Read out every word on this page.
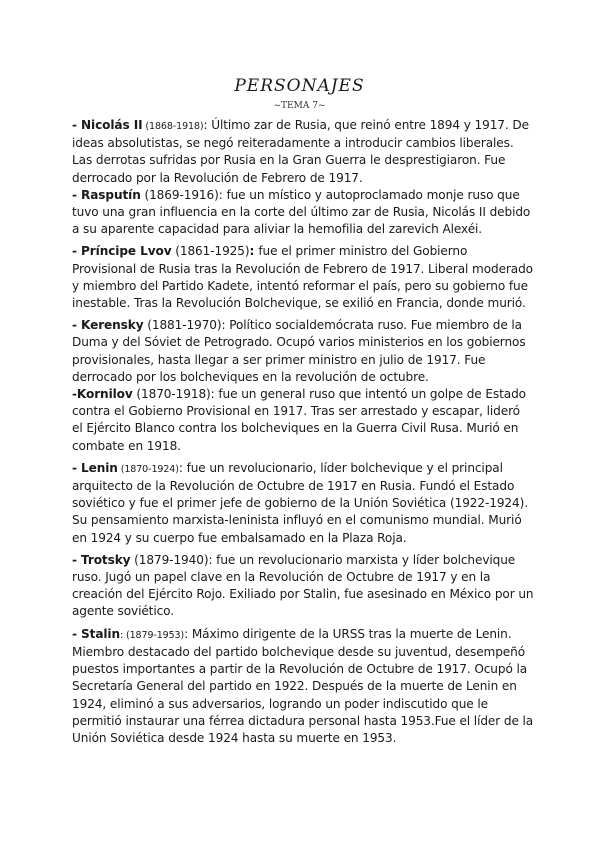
PERSONAJES

~TEMA 7~

- Nicolás II (1868-1918): Último zar de Rusia, que reinó entre 1894 y 1917. De ideas absolutistas, se negó reiteradamente a introducir cambios liberales. Las derrotas sufridas por Rusia en la Gran Guerra le desprestigiaron. Fue derrocado por la Revolución de Febrero de 1917.

- Rasputín (1869-1916): fue un místico y autoproclamado monje ruso que tuvo una gran influencia en la corte del último zar de Rusia, Nicolás II debido a su aparente capacidad para aliviar la hemofilia del zarevich Alexéi.

- Príncipe Lvov (1861-1925): fue el primer ministro del Gobierno Provisional de Rusia tras la Revolución de Febrero de 1917. Liberal moderado y miembro del Partido Kadete, intentó reformar el país, pero su gobierno fue inestable. Tras la Revolución Bolchevique, se exilió en Francia, donde murió.

- Kerensky (1881-1970): Político socialdemócrata ruso. Fue miembro de la Duma y del Sóviet de Petrogrado. Ocupó varios ministerios en los gobiernos provisionales, hasta llegar a ser primer ministro en julio de 1917. Fue derrocado por los bolcheviques en la revolución de octubre.

-Kornilov (1870-1918): fue un general ruso que intentó un golpe de Estado contra el Gobierno Provisional en 1917. Tras ser arrestado y escapar, lideró el Ejército Blanco contra los bolcheviques en la Guerra Civil Rusa. Murió en combate en 1918.

- Lenin (1870-1924): fue un revolucionario, líder bolchevique y el principal arquitecto de la Revolución de Octubre de 1917 en Rusia. Fundó el Estado soviético y fue el primer jefe de gobierno de la Unión Soviética (1922-1924). Su pensamiento marxista-leninista influyó en el comunismo mundial. Murió en 1924 y su cuerpo fue embalsamado en la Plaza Roja.

- Trotsky (1879-1940): fue un revolucionario marxista y líder bolchevique ruso. Jugó un papel clave en la Revolución de Octubre de 1917 y en la creación del Ejército Rojo. Exiliado por Stalin, fue asesinado en México por un agente soviético.

- Stalin: (1879-1953): Máximo dirigente de la URSS tras la muerte de Lenin. Miembro destacado del partido bolchevique desde su juventud, desempeñó puestos importantes a partir de la Revolución de Octubre de 1917. Ocupó la Secretaría General del partido en 1922. Después de la muerte de Lenin en 1924, eliminó a sus adversarios, logrando un poder indiscutido que le permitió instaurar una férrea dictadura personal hasta 1953.Fue el líder de la Unión Soviética desde 1924 hasta su muerte en 1953.
